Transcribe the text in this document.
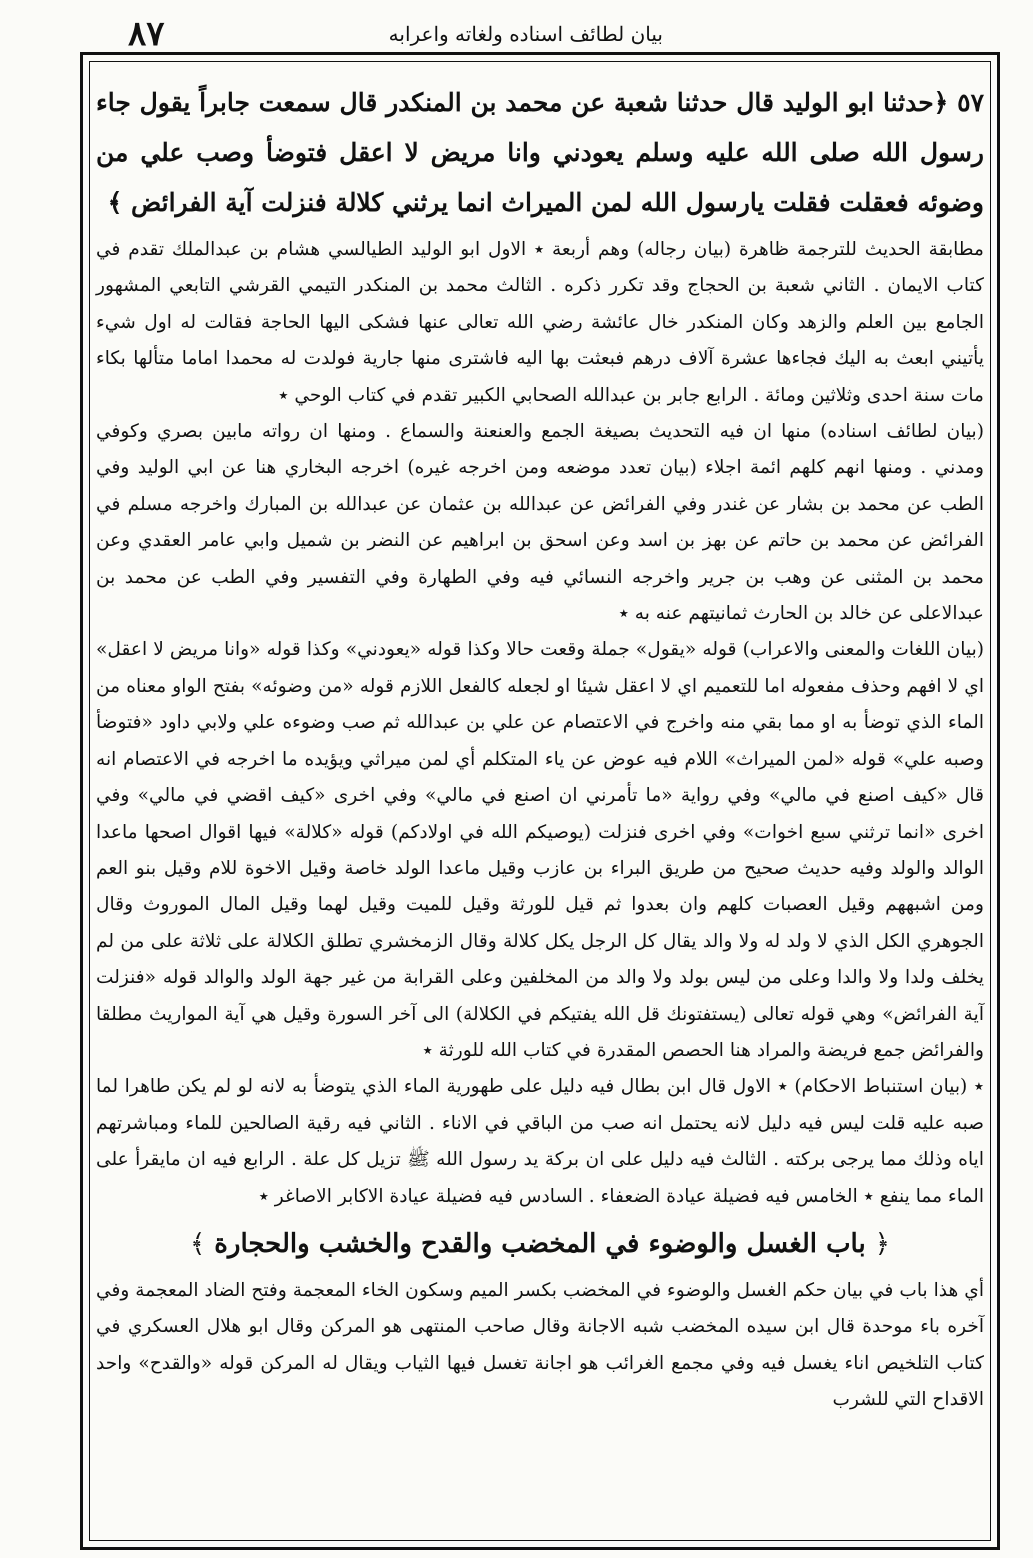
٨٧	بيان لطائف اسناده ولغاته واعرابه

٥٧ ﴿حدثنا ابو الوليد قال حدثنا شعبة عن محمد بن المنكدر قال سمعت جابراً يقول جاء رسول الله صلى الله عليه وسلم يعودني وانا مريض لا اعقل فتوضأ وصب علي من وضوئه فعقلت فقلت يارسول الله لمن الميراث انما يرثني كلالة فنزلت آية الفرائض ﴾

مطابقة الحديث للترجمة ظاهرة (بيان رجاله) وهم أربعة ٭ الاول ابو الوليد الطيالسي هشام بن عبدالملك تقدم في كتاب الايمان . الثاني شعبة بن الحجاج وقد تكرر ذكره . الثالث محمد بن المنكدر التيمي القرشي التابعي المشهور الجامع بين العلم والزهد وكان المنكدر خال عائشة رضي الله تعالى عنها فشكى اليها الحاجة فقالت له اول شيء يأتيني ابعث به اليك فجاءها عشرة آلاف درهم فبعثت بها اليه فاشترى منها جارية فولدت له محمدا اماما متألها بكاء مات سنة احدى وثلاثين ومائة . الرابع جابر بن عبدالله الصحابي الكبير تقدم في كتاب الوحي ٭

(بيان لطائف اسناده) منها ان فيه التحديث بصيغة الجمع والعنعنة والسماع . ومنها ان رواته مابين بصري وكوفي ومدني . ومنها انهم كلهم ائمة اجلاء (بيان تعدد موضعه ومن اخرجه غيره) اخرجه البخاري هنا عن ابي الوليد وفي الطب عن محمد بن بشار عن غندر وفي الفرائض عن عبدالله بن عثمان عن عبدالله بن المبارك واخرجه مسلم في الفرائض عن محمد بن حاتم عن بهز بن اسد وعن اسحق بن ابراهيم عن النضر بن شميل وابي عامر العقدي وعن محمد بن المثنى عن وهب بن جرير واخرجه النسائي فيه وفي الطهارة وفي التفسير وفي الطب عن محمد بن عبدالاعلى عن خالد بن الحارث ثمانيتهم عنه به ٭

(بيان اللغات والمعنى والاعراب) قوله «يقول» جملة وقعت حالا وكذا قوله «يعودني» وكذا قوله «وانا مريض لا اعقل» اي لا افهم وحذف مفعوله اما للتعميم اي لا اعقل شيئا او لجعله كالفعل اللازم قوله «من وضوئه» بفتح الواو معناه من الماء الذي توضأ به او مما بقي منه واخرج في الاعتصام عن علي بن عبدالله ثم صب وضوءه علي ولابي داود «فتوضأ وصبه علي» قوله «لمن الميراث» اللام فيه عوض عن ياء المتكلم أي لمن ميراثي ويؤيده ما اخرجه في الاعتصام انه قال «كيف اصنع في مالي» وفي رواية «ما تأمرني ان اصنع في مالي» وفي اخرى «كيف اقضي في مالي» وفي اخرى «انما ترثني سبع اخوات» وفي اخرى فنزلت (يوصيكم الله في اولادكم) قوله «كلالة» فيها اقوال اصحها ماعدا الوالد والولد وفيه حديث صحيح من طريق البراء بن عازب وقيل ماعدا الولد خاصة وقيل الاخوة للام وقيل بنو العم ومن اشبههم وقيل العصبات كلهم وان بعدوا ثم قيل للورثة وقيل للميت وقيل لهما وقيل المال الموروث وقال الجوهري الكل الذي لا ولد له ولا والد يقال كل الرجل يكل كلالة وقال الزمخشري تطلق الكلالة على ثلاثة على من لم يخلف ولدا ولا والدا وعلى من ليس بولد ولا والد من المخلفين وعلى القرابة من غير جهة الولد والوالد قوله «فنزلت آية الفرائض» وهي قوله تعالى (يستفتونك قل الله يفتيكم في الكلالة) الى آخر السورة وقيل هي آية المواريث مطلقا والفرائض جمع فريضة والمراد هنا الحصص المقدرة في كتاب الله للورثة ٭

٭ (بيان استنباط الاحكام) ٭ الاول قال ابن بطال فيه دليل على طهورية الماء الذي يتوضأ به لانه لو لم يكن طاهرا لما صبه عليه قلت ليس فيه دليل لانه يحتمل انه صب من الباقي في الاناء . الثاني فيه رقية الصالحين للماء ومباشرتهم اياه وذلك مما يرجى بركته . الثالث فيه دليل على ان بركة يد رسول الله ﷺ تزيل كل علة . الرابع فيه ان مايقرأ على الماء مما ينفع ٭ الخامس فيه فضيلة عيادة الضعفاء . السادس فيه فضيلة عيادة الاكابر الاصاغر ٭

﴿ باب الغسل والوضوء في المخضب والقدح والخشب والحجارة ﴾

أي هذا باب في بيان حكم الغسل والوضوء في المخضب بكسر الميم وسكون الخاء المعجمة وفتح الضاد المعجمة وفي آخره باء موحدة قال ابن سيده المخضب شبه الاجانة وقال صاحب المنتهى هو المركن وقال ابو هلال العسكري في كتاب التلخيص اناء يغسل فيه وفي مجمع الغرائب هو اجانة تغسل فيها الثياب ويقال له المركن قوله «والقدح» واحد الاقداح التي للشرب
